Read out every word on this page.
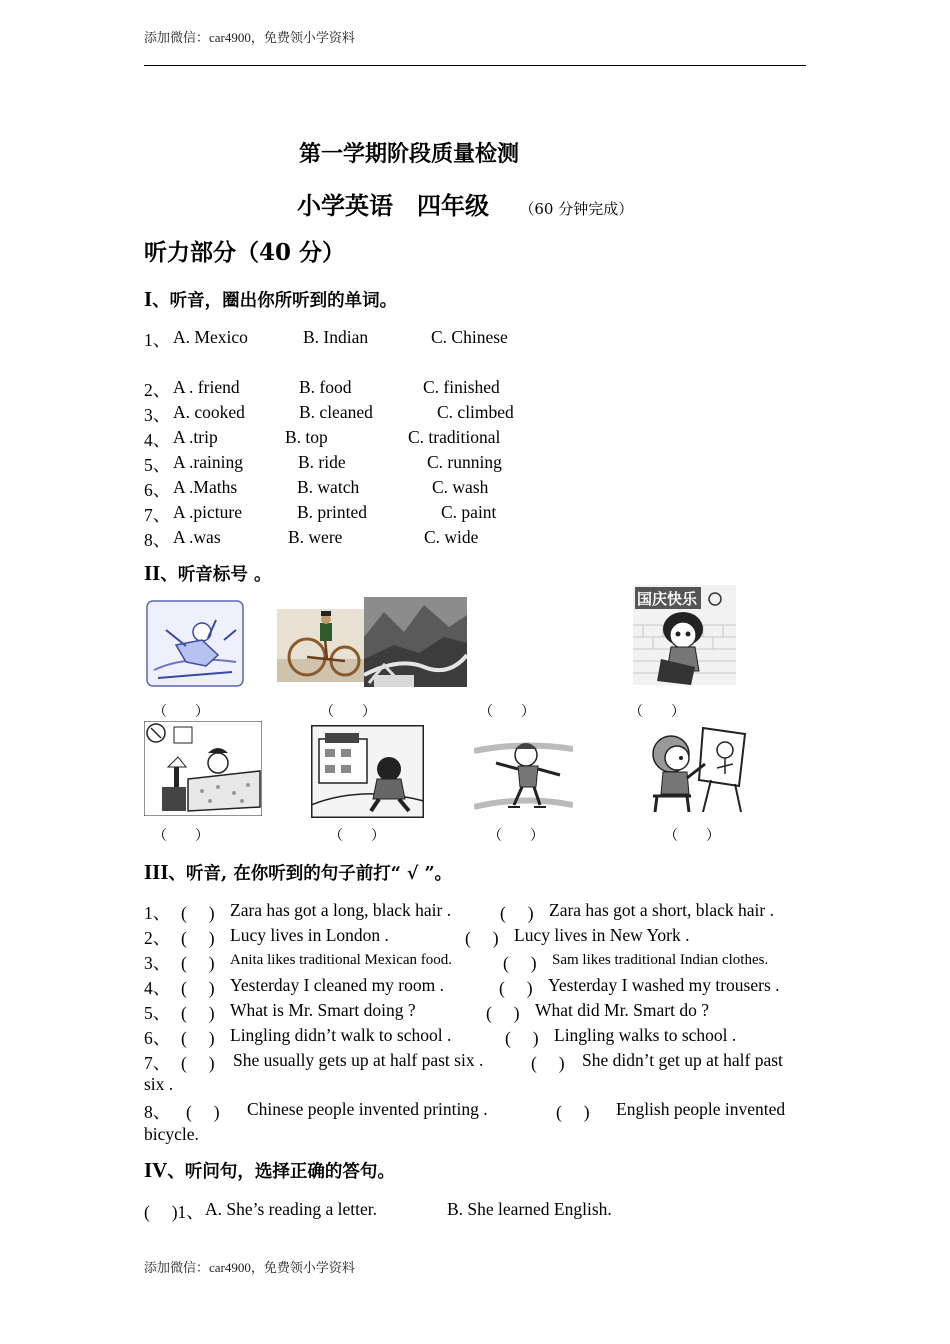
添加微信：car4900，免费领小学资料
第一学期阶段质量检测
小学英语　四年级 （60 分钟完成）
听力部分（40 分）
I、听音，圈出你所听到的单词。
1、 A. Mexico	B. Indian	C. Chinese
2、 A . friend	B. food	C. finished
3、 A. cooked	B. cleaned	C. climbed
4、 A .trip	B. top	C. traditional
5、 A .raining	B. ride	C. running
6、 A .Maths	B. watch	C. wash
7、 A .picture	B. printed	C. paint
8、 A .was	B. were	C. wide
II、听音标号 。
国庆快乐
（　　）	（　　）	（　　）	（　　）
（　　）	（　　）	（　　）	（　　）
III、听音, 在你听到的句子前打“ √ ”。
1、 (　 ) Zara has got a long, black hair .	(　 ) Zara has got a short, black hair .
2、 (　 ) Lucy lives in London .	(　 ) Lucy lives in New York .
3、 (　 ) Anita likes traditional Mexican food.	(　 ) Sam likes traditional Indian clothes.
4、 (　 ) Yesterday I cleaned my room .	(　 ) Yesterday I washed my trousers .
5、 (　 ) What is Mr. Smart doing ?	(　 ) What did Mr. Smart do ?
6、 (　 ) Lingling didn’t walk to school .	(　 ) Lingling walks to school .
7、 (　 ) She usually gets up at half past six .	(　 ) She didn’t get up at half past
six .
8、 (　 ) Chinese people invented printing .	(　 ) English people invented
bicycle.
IV、听问句，选择正确的答句。
( 　)1、 A. She’s reading a letter.	B. She learned English.
添加微信：car4900，免费领小学资料
